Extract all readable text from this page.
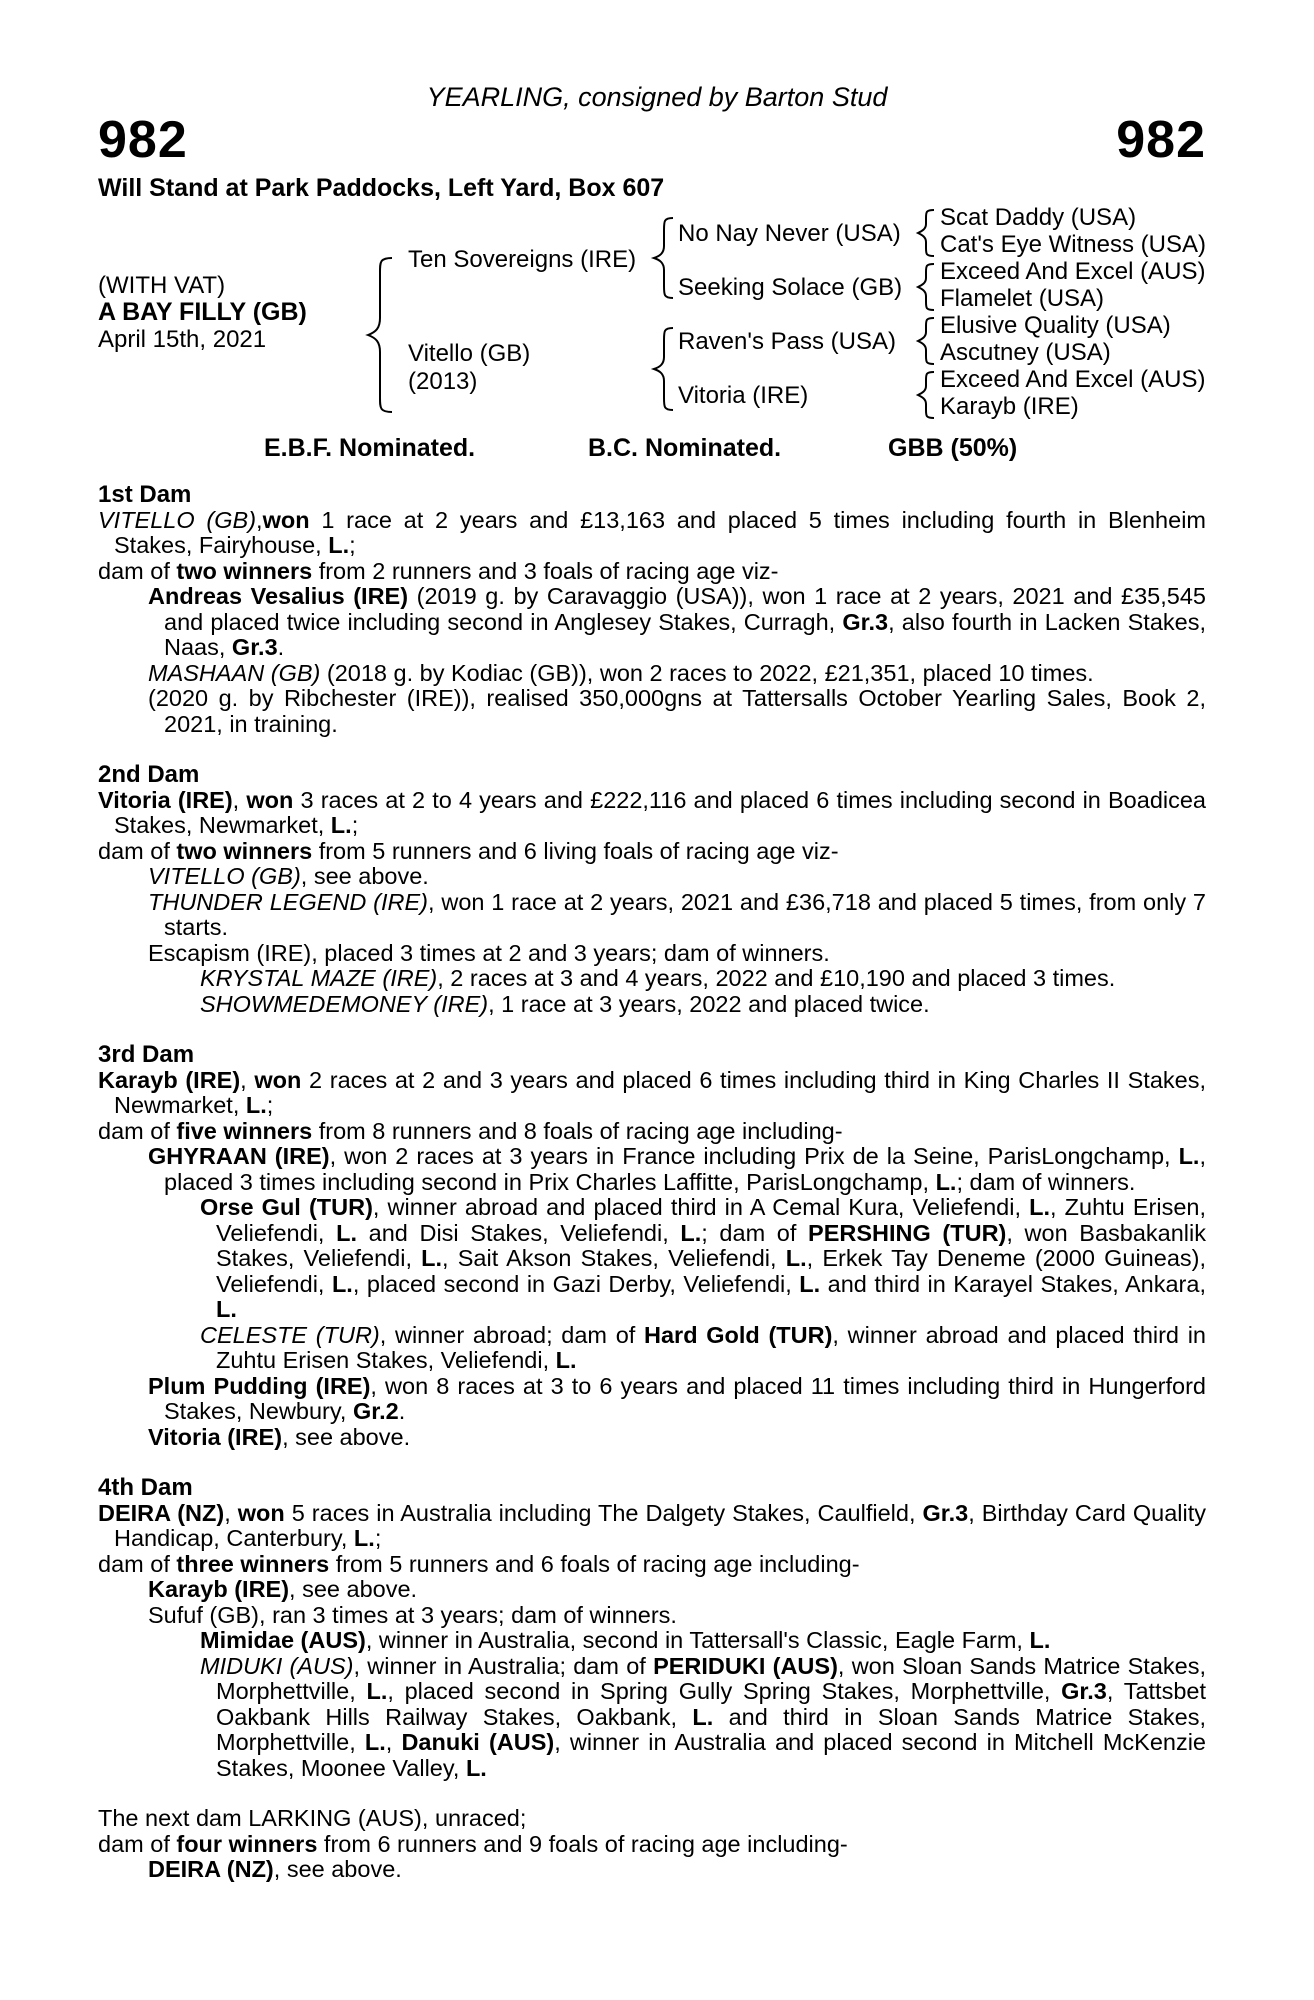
YEARLING, consigned by Barton Stud
982	982
Will Stand at Park Paddocks, Left Yard, Box 607
(WITH VAT)
A BAY FILLY (GB)
April 15th, 2021
Ten Sovereigns (IRE)
Vitello (GB)
(2013)
No Nay Never (USA)
Seeking Solace (GB)
Raven's Pass (USA)
Vitoria (IRE)
Scat Daddy (USA)
Cat's Eye Witness (USA)
Exceed And Excel (AUS)
Flamelet (USA)
Elusive Quality (USA)
Ascutney (USA)
Exceed And Excel (AUS)
Karayb (IRE)
E.B.F. Nominated.	B.C. Nominated.	GBB (50%)
1st Dam

VITELLO (GB),won 1 race at 2 years and £13,163 and placed 5 times including fourth in Blenheim Stakes, Fairyhouse, L.;

dam of two winners from 2 runners and 3 foals of racing age viz-

Andreas Vesalius (IRE) (2019 g. by Caravaggio (USA)), won 1 race at 2 years, 2021 and £35,545 and placed twice including second in Anglesey Stakes, Curragh, Gr.3, also fourth in Lacken Stakes, Naas, Gr.3.

MASHAAN (GB) (2018 g. by Kodiac (GB)), won 2 races to 2022, £21,351, placed 10 times.

(2020 g. by Ribchester (IRE)), realised 350,000gns at Tattersalls October Yearling Sales, Book 2, 2021, in training.

2nd Dam

Vitoria (IRE), won 3 races at 2 to 4 years and £222,116 and placed 6 times including second in Boadicea Stakes, Newmarket, L.;

dam of two winners from 5 runners and 6 living foals of racing age viz-

VITELLO (GB), see above.

THUNDER LEGEND (IRE), won 1 race at 2 years, 2021 and £36,718 and placed 5 times, from only 7 starts.

Escapism (IRE), placed 3 times at 2 and 3 years; dam of winners.

KRYSTAL MAZE (IRE), 2 races at 3 and 4 years, 2022 and £10,190 and placed 3 times.

SHOWMEDEMONEY (IRE), 1 race at 3 years, 2022 and placed twice.

3rd Dam

Karayb (IRE), won 2 races at 2 and 3 years and placed 6 times including third in King Charles II Stakes, Newmarket, L.;

dam of five winners from 8 runners and 8 foals of racing age including-

GHYRAAN (IRE), won 2 races at 3 years in France including Prix de la Seine, ParisLongchamp, L., placed 3 times including second in Prix Charles Laffitte, ParisLongchamp, L.; dam of winners.

Orse Gul (TUR), winner abroad and placed third in A Cemal Kura, Veliefendi, L., Zuhtu Erisen, Veliefendi, L. and Disi Stakes, Veliefendi, L.; dam of PERSHING (TUR), won Basbakanlik Stakes, Veliefendi, L., Sait Akson Stakes, Veliefendi, L., Erkek Tay Deneme (2000 Guineas), Veliefendi, L., placed second in Gazi Derby, Veliefendi, L. and third in Karayel Stakes, Ankara, L.

CELESTE (TUR), winner abroad; dam of Hard Gold (TUR), winner abroad and placed third in Zuhtu Erisen Stakes, Veliefendi, L.

Plum Pudding (IRE), won 8 races at 3 to 6 years and placed 11 times including third in Hungerford Stakes, Newbury, Gr.2.

Vitoria (IRE), see above.

4th Dam

DEIRA (NZ), won 5 races in Australia including The Dalgety Stakes, Caulfield, Gr.3, Birthday Card Quality Handicap, Canterbury, L.;

dam of three winners from 5 runners and 6 foals of racing age including-

Karayb (IRE), see above.

Sufuf (GB), ran 3 times at 3 years; dam of winners.

Mimidae (AUS), winner in Australia, second in Tattersall's Classic, Eagle Farm, L.

MIDUKI (AUS), winner in Australia; dam of PERIDUKI (AUS), won Sloan Sands Matrice Stakes, Morphettville, L., placed second in Spring Gully Spring Stakes, Morphettville, Gr.3, Tattsbet Oakbank Hills Railway Stakes, Oakbank, L. and third in Sloan Sands Matrice Stakes, Morphettville, L., Danuki (AUS), winner in Australia and placed second in Mitchell McKenzie Stakes, Moonee Valley, L.

The next dam LARKING (AUS), unraced;

dam of four winners from 6 runners and 9 foals of racing age including-

DEIRA (NZ), see above.
